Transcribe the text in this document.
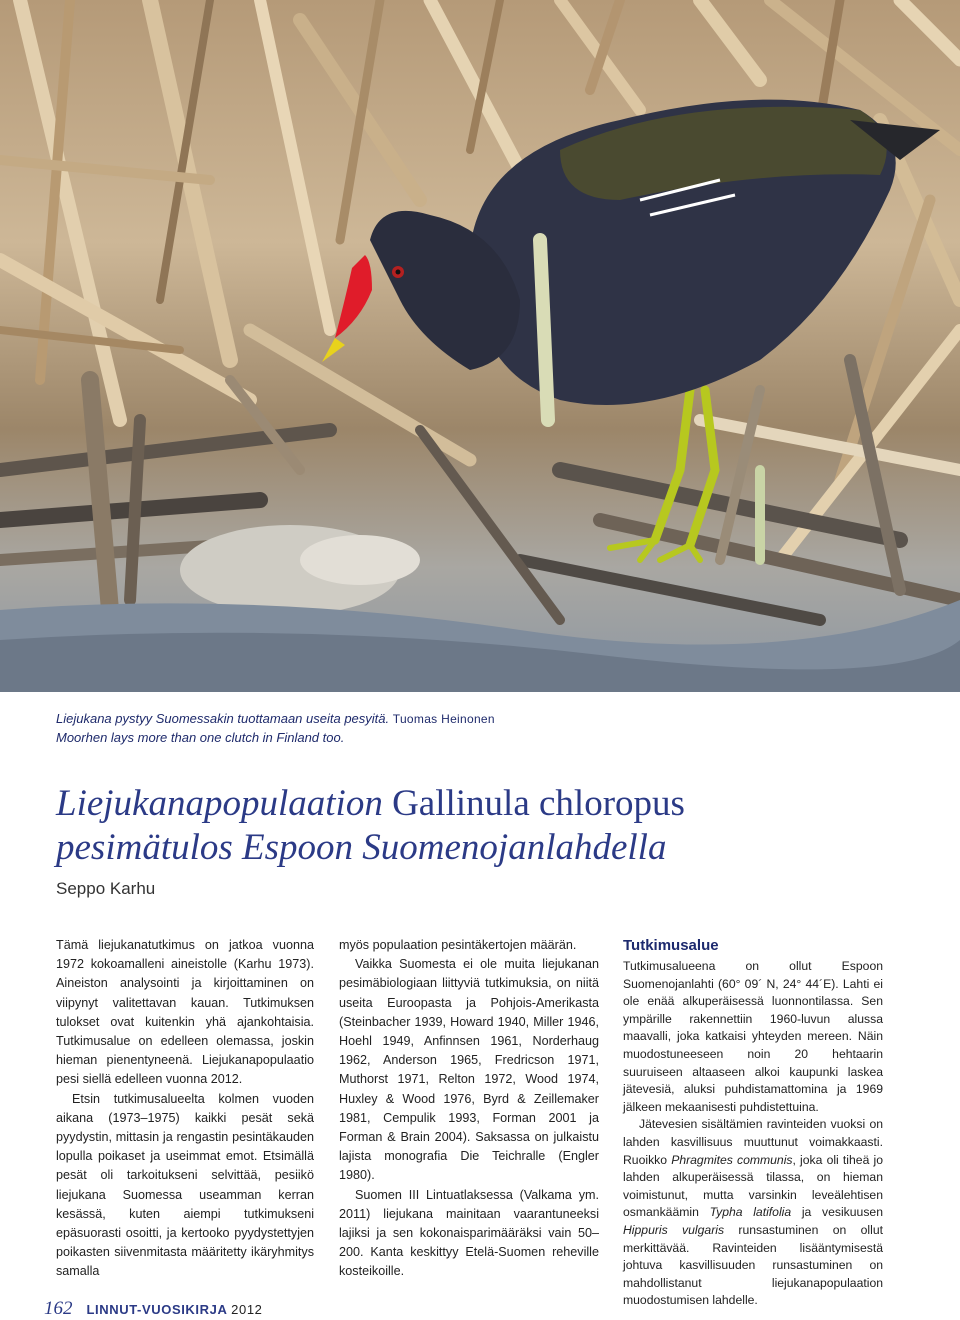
Liejukana pystyy Suomessakin tuottamaan useita pesyitä. Tuomas Heinonen
Moorhen lays more than one clutch in Finland too.
Liejukanapopulaation Gallinula chloropus
pesimätulos Espoon Suomenojanlahdella
Seppo Karhu

Tämä liejukanatutkimus on jatkoa vuonna 1972 kokoamalleni aineistolle (Karhu 1973). Aineiston analysointi ja kirjoittaminen on viipynyt valitettavan kauan. Tutkimuksen tulokset ovat kuitenkin yhä ajankohtaisia. Tutkimusalue on edelleen olemassa, joskin hieman pienentyneenä. Liejukanapopulaatio pesi siellä edelleen vuonna 2012.

Etsin tutkimusalueelta kolmen vuoden aikana (1973–1975) kaikki pesät sekä pyydystin, mittasin ja rengastin pesintäkauden lopulla poikaset ja useimmat emot. Etsimällä pesät oli tarkoitukseni selvittää, pesiikö liejukana Suomessa useamman kerran kesässä, kuten aiempi tutkimukseni epäsuorasti osoitti, ja kertooko pyydystettyjen poikasten siivenmitasta määritetty ikäryhmitys samalla

myös populaation pesintäkertojen määrän.

Vaikka Suomesta ei ole muita liejukanan pesimäbiologiaan liittyviä tutkimuksia, on niitä useita Euroopasta ja Pohjois-Amerikasta (Steinbacher 1939, Howard 1940, Miller 1946, Hoehl 1949, Anfinnsen 1961, Norderhaug 1962, Anderson 1965, Fredricson 1971, Muthorst 1971, Relton 1972, Wood 1974, Huxley & Wood 1976, Byrd & Zeillemaker 1981, Cempulik 1993, Forman 2001 ja Forman & Brain 2004). Saksassa on julkaistu lajista monografia Die Teichralle (Engler 1980).

Suomen III Lintuatlaksessa (Valkama ym. 2011) liejukana mainitaan vaarantuneeksi lajiksi ja sen kokonaisparimääräksi vain 50–200. Kanta keskittyy Etelä-Suomen reheville kosteikoille.

Tutkimusalue

Tutkimusalueena on ollut Espoon Suomenojanlahti (60° 09´ N, 24° 44´E). Lahti ei ole enää alkuperäisessä luonnontilassa. Sen ympärille rakennettiin 1960-luvun alussa maavalli, joka katkaisi yhteyden mereen. Näin muodostuneeseen noin 20 hehtaarin suuruiseen altaaseen alkoi kaupunki laskea jätevesiä, aluksi puhdistamattomina ja 1969 jälkeen mekaanisesti puhdistettuina.

Jätevesien sisältämien ravinteiden vuoksi on lahden kasvillisuus muuttunut voimakkaasti. Ruoikko Phragmites communis, joka oli tiheä jo lahden alkuperäisessä tilassa, on hieman voimistunut, mutta varsinkin leveälehtisen osmankäämin Typha latifolia ja vesikuusen Hippuris vulgaris runsastuminen on ollut merkittävää. Ravinteiden lisääntymisestä johtuva kasvillisuuden runsastuminen on mahdollistanut liejukanapopulaation muodostumisen lahdelle.

162 LINNUT-VUOSIKIRJA 2012
